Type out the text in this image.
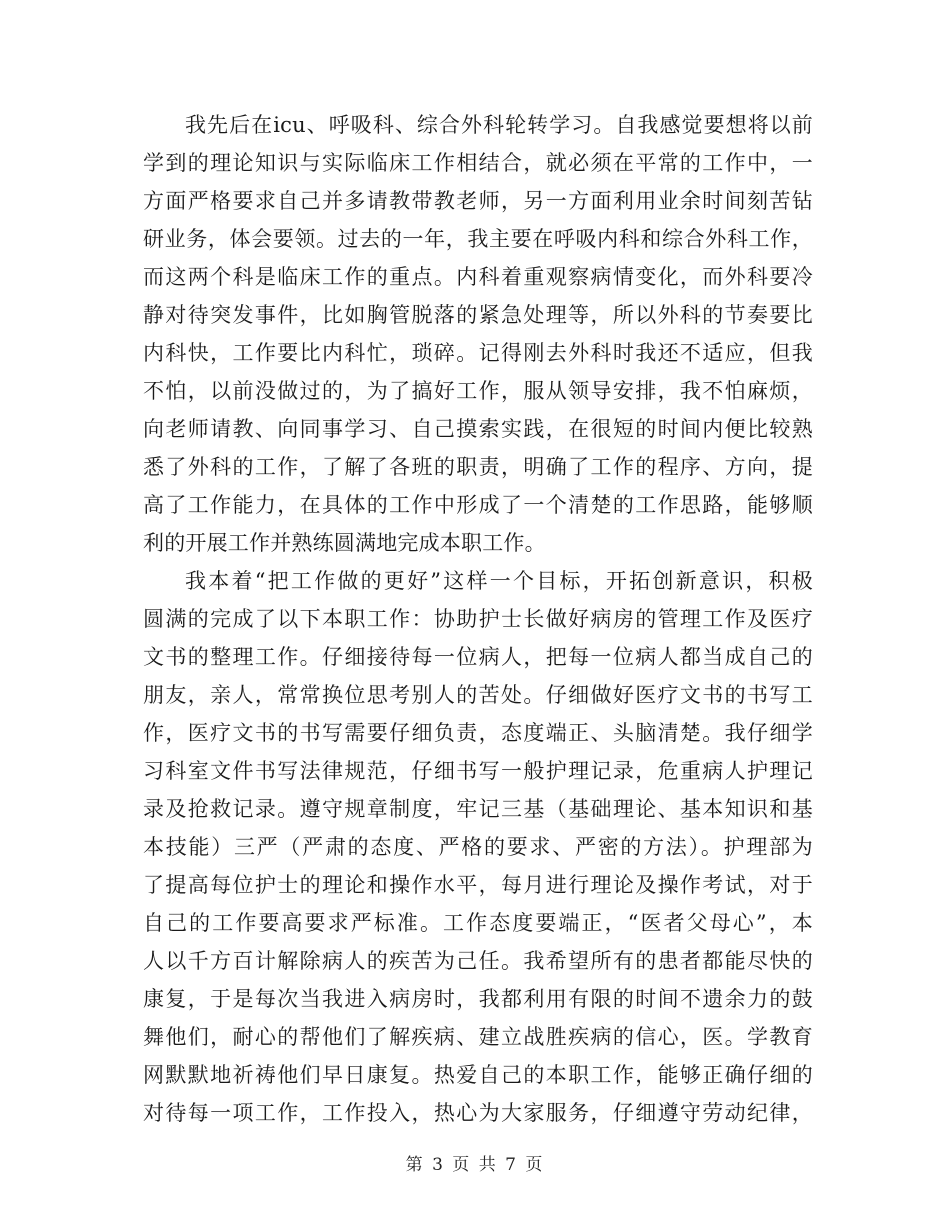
我先后在icu、呼吸科、综合外科轮转学习。自我感觉要想将以前
学到的理论知识与实际临床工作相结合，就必须在平常的工作中，一
方面严格要求自己并多请教带教老师，另一方面利用业余时间刻苦钻
研业务，体会要领。过去的一年，我主要在呼吸内科和综合外科工作，
而这两个科是临床工作的重点。内科着重观察病情变化，而外科要冷
静对待突发事件，比如胸管脱落的紧急处理等，所以外科的节奏要比
内科快，工作要比内科忙，琐碎。记得刚去外科时我还不适应，但我
不怕，以前没做过的，为了搞好工作，服从领导安排，我不怕麻烦，
向老师请教、向同事学习、自己摸索实践，在很短的时间内便比较熟
悉了外科的工作，了解了各班的职责，明确了工作的程序、方向，提
高了工作能力，在具体的工作中形成了一个清楚的工作思路，能够顺
利的开展工作并熟练圆满地完成本职工作。
我本着“把工作做的更好”这样一个目标，开拓创新意识，积极
圆满的完成了以下本职工作：协助护士长做好病房的管理工作及医疗
文书的整理工作。仔细接待每一位病人，把每一位病人都当成自己的
朋友，亲人，常常换位思考别人的苦处。仔细做好医疗文书的书写工
作，医疗文书的书写需要仔细负责，态度端正、头脑清楚。我仔细学
习科室文件书写法律规范，仔细书写一般护理记录，危重病人护理记
录及抢救记录。遵守规章制度，牢记三基（基础理论、基本知识和基
本技能）三严（严肃的态度、严格的要求、严密的方法）。护理部为
了提高每位护士的理论和操作水平，每月进行理论及操作考试，对于
自己的工作要高要求严标准。工作态度要端正，“医者父母心”，本
人以千方百计解除病人的疾苦为己任。我希望所有的患者都能尽快的
康复，于是每次当我进入病房时，我都利用有限的时间不遗余力的鼓
舞他们，耐心的帮他们了解疾病、建立战胜疾病的信心，医。学教育
网默默地祈祷他们早日康复。热爱自己的本职工作，能够正确仔细的
对待每一项工作，工作投入，热心为大家服务，仔细遵守劳动纪律，
第 3 页 共 7 页
